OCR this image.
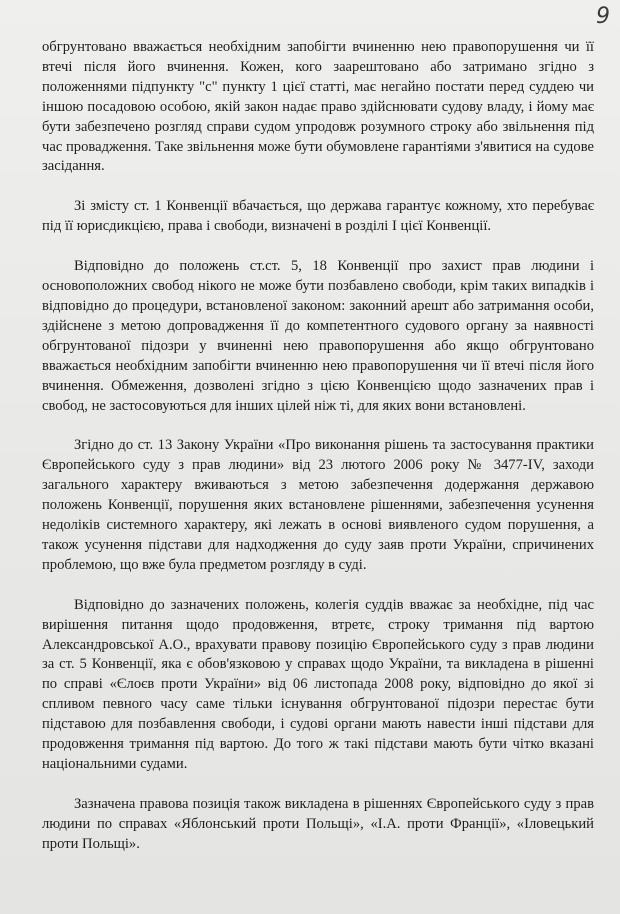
9

обгрунтовано вважається необхідним запобігти вчиненню нею правопорушення чи її втечі після його вчинення. Кожен, кого заарештовано або затримано згідно з положеннями підпункту "с" пункту 1 цієї статті, має негайно постати перед суддею чи іншою посадовою особою, якій закон надає право здійснювати судову владу, і йому має бути забезпечено розгляд справи судом упродовж розумного строку або звільнення під час провадження. Таке звільнення може бути обумовлене гарантіями з'явитися на судове засідання.

Зі змісту ст. 1 Конвенції вбачається, що держава гарантує кожному, хто перебуває під її юрисдикцією, права і свободи, визначені в розділі І цієї Конвенції.

Відповідно до положень ст.ст. 5, 18 Конвенції про захист прав людини і основоположних свобод нікого не може бути позбавлено свободи, крім таких випадків і відповідно до процедури, встановленої законом: законний арешт або затримання особи, здійснене з метою допровадження її до компетентного судового органу за наявності обгрунтованої підозри у вчиненні нею правопорушення або якщо обгрунтовано вважається необхідним запобігти вчиненню нею правопорушення чи її втечі після його вчинення. Обмеження, дозволені згідно з цією Конвенцією щодо зазначених прав і свобод, не застосовуються для інших цілей ніж ті, для яких вони встановлені.

Згідно до ст. 13 Закону України «Про виконання рішень та застосування практики Європейського суду з прав людини» від 23 лютого 2006 року № 3477-IV, заходи загального характеру вживаються з метою забезпечення додержання державою положень Конвенції, порушення яких встановлене рішеннями, забезпечення усунення недоліків системного характеру, які лежать в основі виявленого судом порушення, а також усунення підстави для надходження до суду заяв проти України, спричинених проблемою, що вже була предметом розгляду в суді.

Відповідно до зазначених положень, колегія суддів вважає за необхідне, під час вирішення питання щодо продовження, втретє, строку тримання під вартою Александровської А.О., врахувати правову позицію Європейського суду з прав людини за ст. 5 Конвенції, яка є обов'язковою у справах щодо України, та викладена в рішенні по справі «Єлоєв проти України» від 06 листопада 2008 року, відповідно до якої зі спливом певного часу саме тільки існування обгрунтованої підозри перестає бути підставою для позбавлення свободи, і судові органи мають навести інші підстави для продовження тримання під вартою. До того ж такі підстави мають бути чітко вказані національними судами.

Зазначена правова позиція також викладена в рішеннях Європейського суду з прав людини по справах «Яблонський проти Польщі», «І.А. проти Франції», «Іловецький проти Польщі».
